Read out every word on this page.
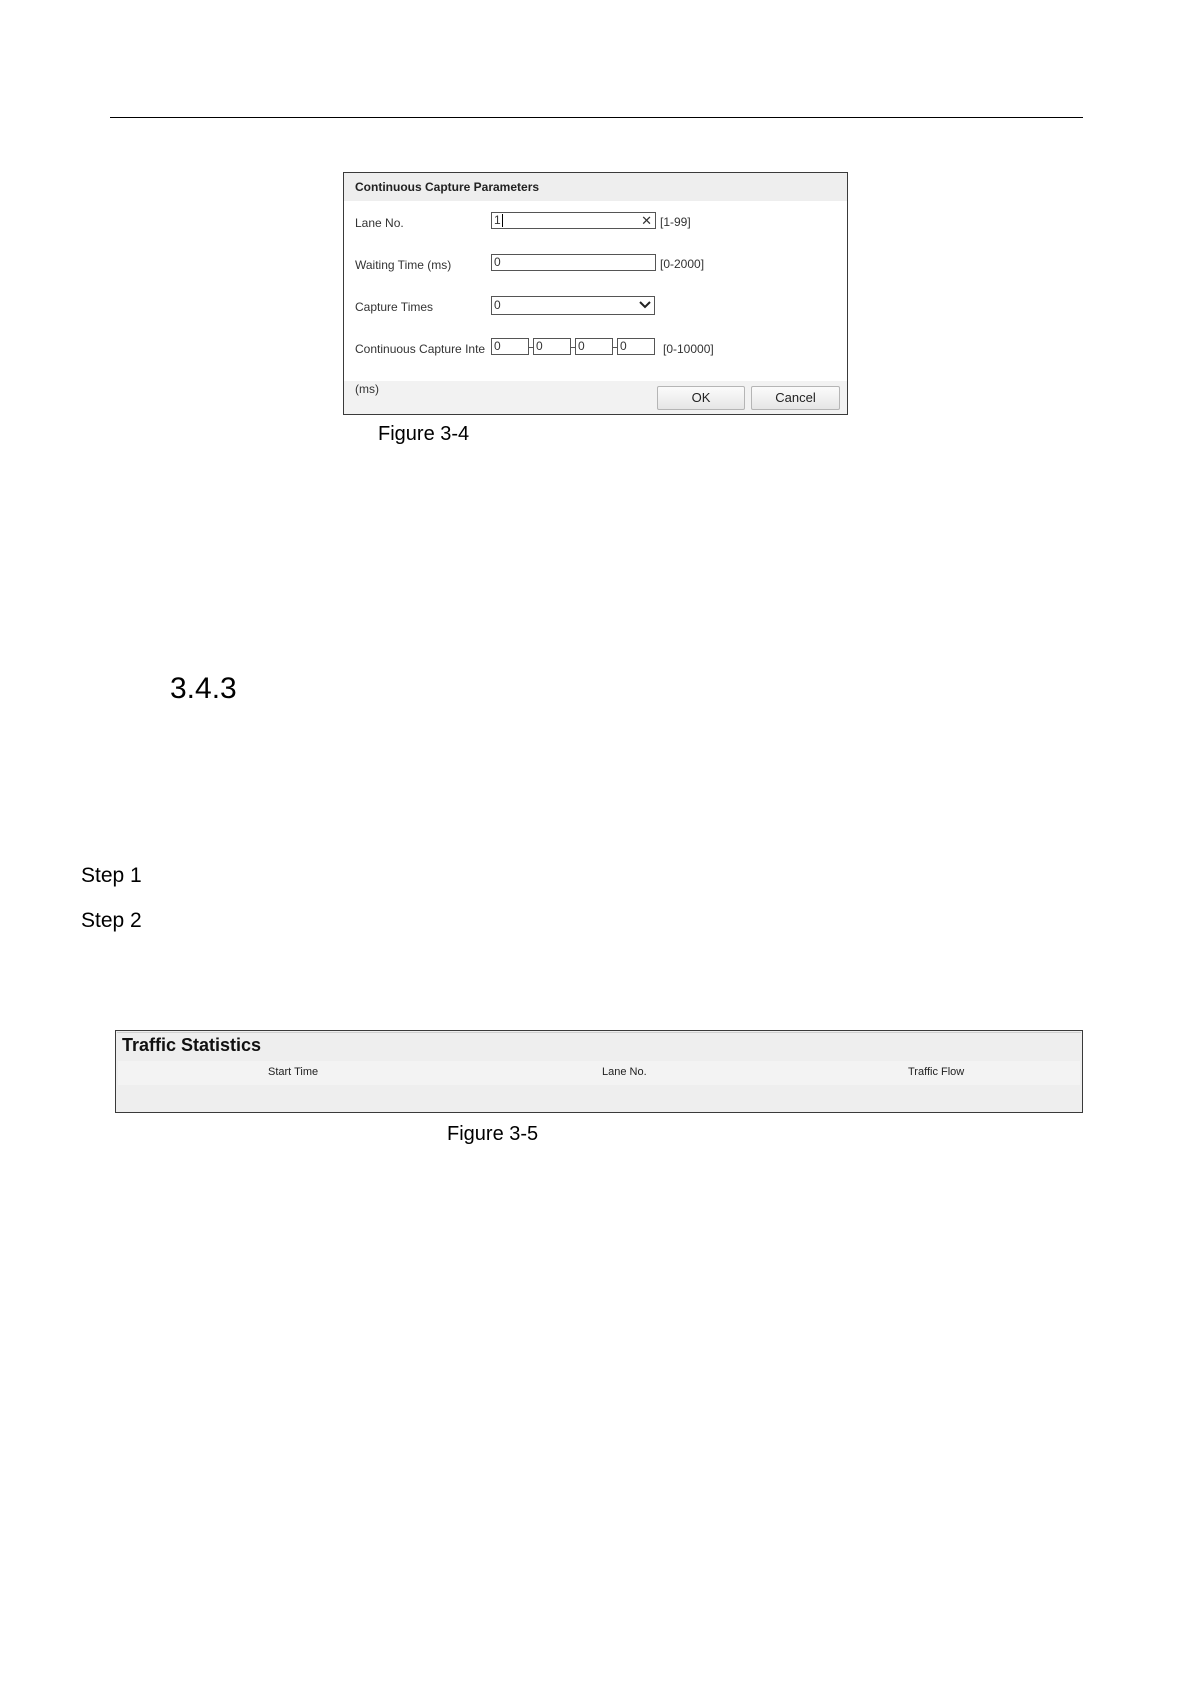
Continuous Capture Parameters
Lane No.	1	✕ [1-99]
Waiting Time (ms)	0	[0-2000]
Capture Times	0
Continuous Capture Inte 0	0	0	0	[0-10000]
(ms)
OK	Cancel
Figure 3-4
3.4.3
Step 1
Step 2
Traffic Statistics
Start Time	Lane No.	Traffic Flow
Figure 3-5
